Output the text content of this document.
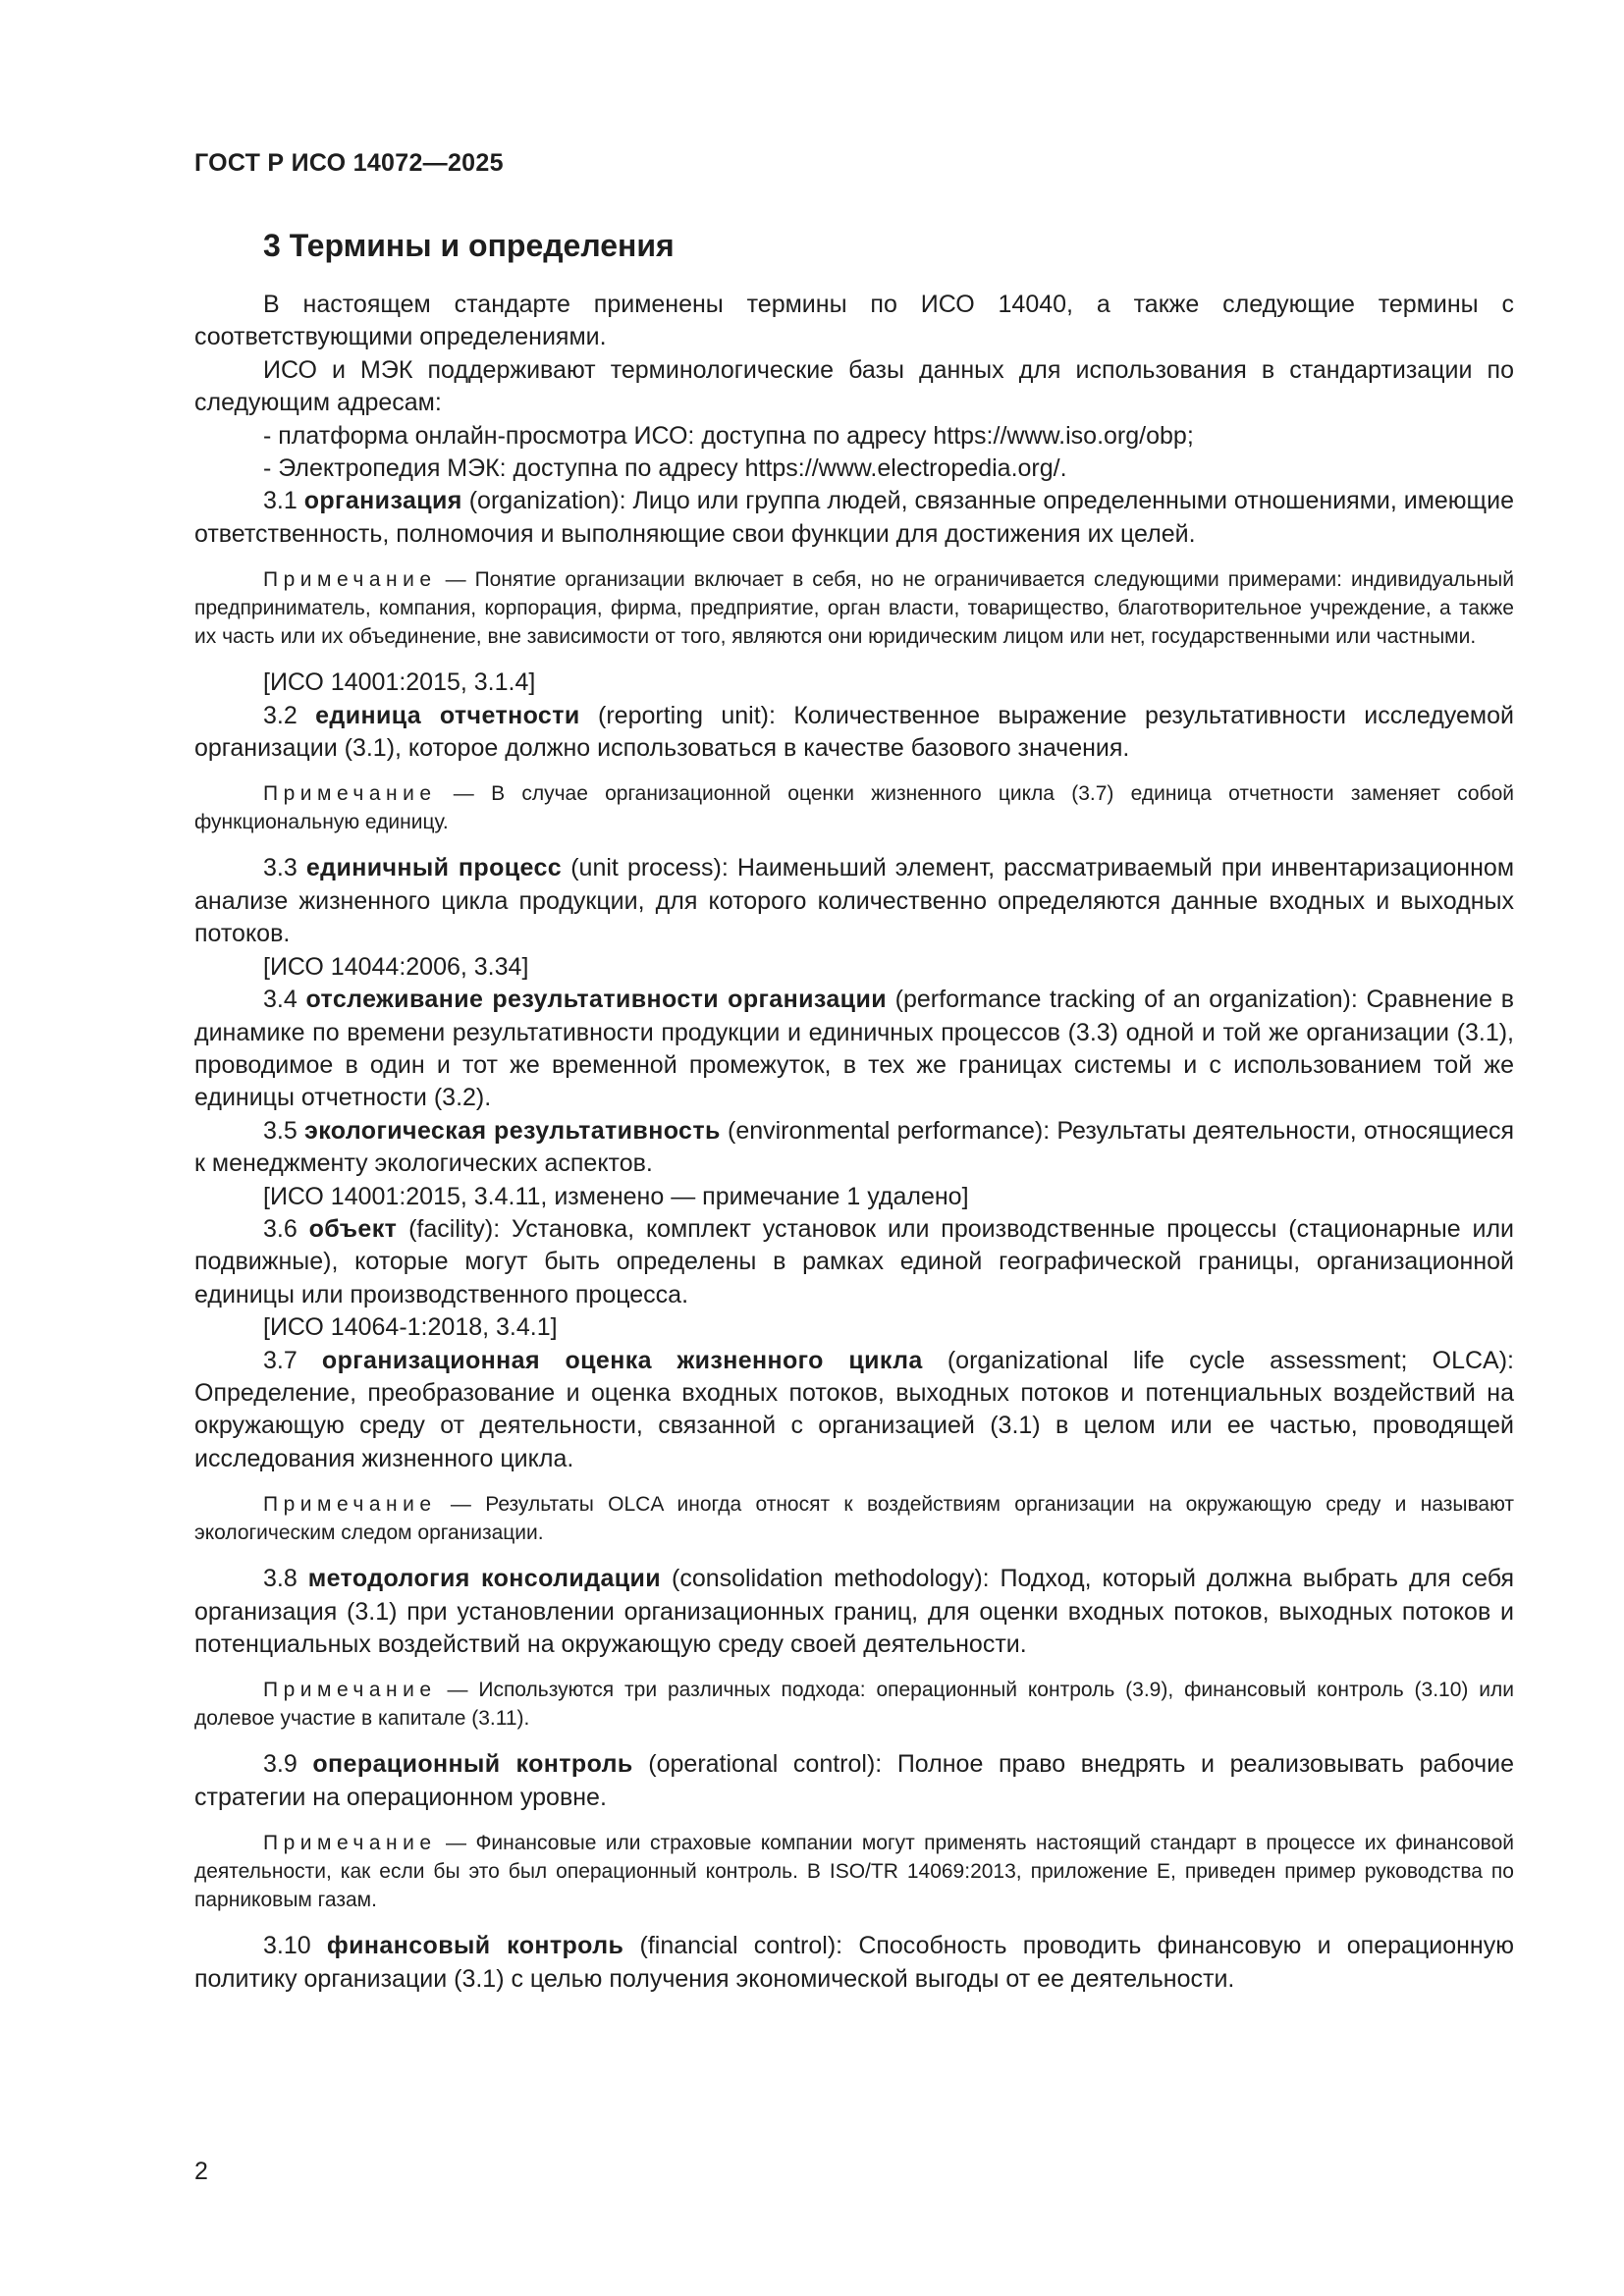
ГОСТ Р ИСО 14072—2025
3 Термины и определения

В настоящем стандарте применены термины по ИСО 14040, а также следующие термины с соответствующими определениями.

ИСО и МЭК поддерживают терминологические базы данных для использования в стандартизации по следующим адресам:

- платформа онлайн-просмотра ИСО: доступна по адресу https://www.iso.org/obp;

- Электропедия МЭК: доступна по адресу https://www.electropedia.org/.

3.1 организация (organization): Лицо или группа людей, связанные определенными отношениями, имеющие ответственность, полномочия и выполняющие свои функции для достижения их целей.

Примечание — Понятие организации включает в себя, но не ограничивается следующими примерами: индивидуальный предприниматель, компания, корпорация, фирма, предприятие, орган власти, товарищество, благотворительное учреждение, а также их часть или их объединение, вне зависимости от того, являются они юридическим лицом или нет, государственными или частными.

[ИСО 14001:2015, 3.1.4]

3.2 единица отчетности (reporting unit): Количественное выражение результативности исследуемой организации (3.1), которое должно использоваться в качестве базового значения.

Примечание — В случае организационной оценки жизненного цикла (3.7) единица отчетности заменяет собой функциональную единицу.

3.3 единичный процесс (unit process): Наименьший элемент, рассматриваемый при инвентаризационном анализе жизненного цикла продукции, для которого количественно определяются данные входных и выходных потоков.

[ИСО 14044:2006, 3.34]

3.4 отслеживание результативности организации (performance tracking of an organization): Сравнение в динамике по времени результативности продукции и единичных процессов (3.3) одной и той же организации (3.1), проводимое в один и тот же временной промежуток, в тех же границах системы и с использованием той же единицы отчетности (3.2).

3.5 экологическая результативность (environmental performance): Результаты деятельности, относящиеся к менеджменту экологических аспектов.

[ИСО 14001:2015, 3.4.11, изменено — примечание 1 удалено]

3.6 объект (facility): Установка, комплект установок или производственные процессы (стационарные или подвижные), которые могут быть определены в рамках единой географической границы, организационной единицы или производственного процесса.

[ИСО 14064-1:2018, 3.4.1]

3.7 организационная оценка жизненного цикла (organizational life cycle assessment; OLCA): Определение, преобразование и оценка входных потоков, выходных потоков и потенциальных воздействий на окружающую среду от деятельности, связанной с организацией (3.1) в целом или ее частью, проводящей исследования жизненного цикла.

Примечание — Результаты OLCA иногда относят к воздействиям организации на окружающую среду и называют экологическим следом организации.

3.8 методология консолидации (consolidation methodology): Подход, который должна выбрать для себя организация (3.1) при установлении организационных границ, для оценки входных потоков, выходных потоков и потенциальных воздействий на окружающую среду своей деятельности.

Примечание — Используются три различных подхода: операционный контроль (3.9), финансовый контроль (3.10) или долевое участие в капитале (3.11).

3.9 операционный контроль (operational control): Полное право внедрять и реализовывать рабочие стратегии на операционном уровне.

Примечание — Финансовые или страховые компании могут применять настоящий стандарт в процессе их финансовой деятельности, как если бы это был операционный контроль. В ISO/TR 14069:2013, приложение E, приведен пример руководства по парниковым газам.

3.10 финансовый контроль (financial control): Способность проводить финансовую и операционную политику организации (3.1) с целью получения экономической выгоды от ее деятельности.

2
